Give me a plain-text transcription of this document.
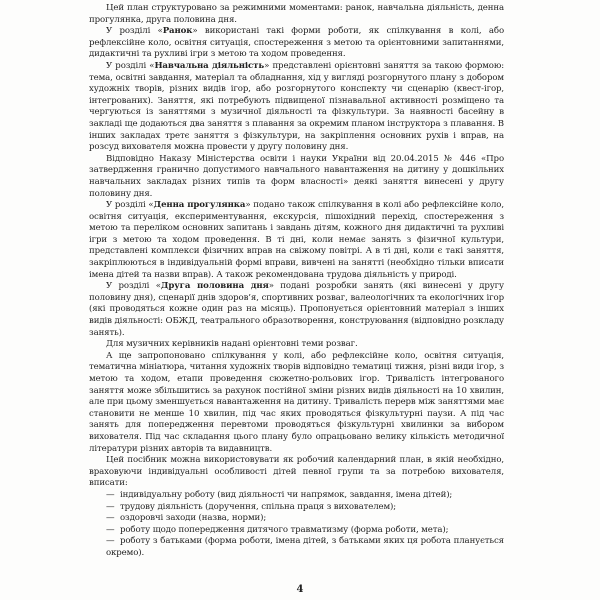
Цей план структуровано за режимними моментами: ранок, навчальна діяльність, денна прогулянка, друга половина дня.

У розділі «Ранок» використані такі форми роботи, як спілкування в колі, або рефлексійне коло, освітня ситуація, спостереження з метою та орієнтовними запитаннями, дидактичні та рухливі ігри з метою та ходом проведення.

У розділі «Навчальна діяльність» представлені орієнтовні заняття за такою формою: тема, освітні завдання, матеріал та обладнання, хід у вигляді розгорнутого плану з добором художніх творів, різних видів ігор, або розгорнутого конспекту чи сценарію (квест-ігор, інтегрованих). Заняття, які потребують підвищеної пізнавальної активності розміщено та чергуються із заняттями з музичної діяльності та фізкультури. За наявності басейну в закладі ще додаються два заняття з плавання за окремим планом інструктора з плавання. В інших закладах третє заняття з фізкультури, на закріплення основних рухів і вправ, на розсуд вихователя можна провести у другу половину дня.

Відповідно Наказу Міністерства освіти і науки України від 20.04.2015 № 446 «Про затвердження гранично допустимого навчального навантаження на дитину у дошкільних навчальних закладах різних типів та форм власності» деякі заняття винесені у другу половину дня.

У розділі «Денна прогулянка» подано також спілкування в колі або рефлексійне коло, освітня ситуація, експериментування, екскурсія, пішохідний перехід, спостереження з метою та переліком основних запитань і завдань дітям, кожного дня дидактичні та рухливі ігри з метою та ходом проведення. В ті дні, коли немає занять з фізичної культури, представлені комплекси фізичних вправ на свіжому повітрі. А в ті дні, коли є такі заняття, закріплюються в індивідуальній формі вправи, вивчені на занятті (необхідно тільки вписати імена дітей та назви вправ). А також рекомендована трудова діяльність у природі.

У розділі «Друга половина дня» подані розробки занять (які винесені у другу половину дня), сценарії днів здоров’я, спортивних розваг, валеологічних та екологічних ігор (які проводяться кожне один раз на місяць). Пропонується орієнтовний матеріал з інших видів діяльності: ОБЖД, театрального образотворення, конструювання (відповідно розкладу занять).

Для музичних керівників надані орієнтовні теми розваг.

А ще запропоновано спілкування у колі, або рефлексійне коло, освітня ситуація, тематична мініатюра, читання художніх творів відповідно тематиці тижня, різні види ігор, з метою та ходом, етапи проведення сюжетно-рольових ігор. Тривалість інтегрованого заняття може збільшитись за рахунок постійної зміни різних видів діяльності на 10 хвилин, але при цьому зменшується навантаження на дитину. Тривалість перерв між заняттями має становити не менше 10 хвилин, під час яких проводяться фізкультурні паузи. А під час занять для попередження перевтоми проводяться фізкультурні хвилинки за вибором вихователя. Під час складання цього плану було опрацьовано велику кількість методичної літератури різних авторів та видавництв.

Цей посібник можна використовувати як робочий календарний план, в якій необхідно, враховуючи індивідуальні особливості дітей певної групи та за потребою вихователя, вписати:

— індивідуальну роботу (вид діяльності чи напрямок, завдання, імена дітей);
— трудову діяльність (доручення, спільна праця з вихователем);
— оздоровчі заходи (назва, норми);
— роботу щодо попередження дитячого травматизму (форма роботи, мета);
— роботу з батьками (форма роботи, імена дітей, з батьками яких ця робота планується окремо).
4
